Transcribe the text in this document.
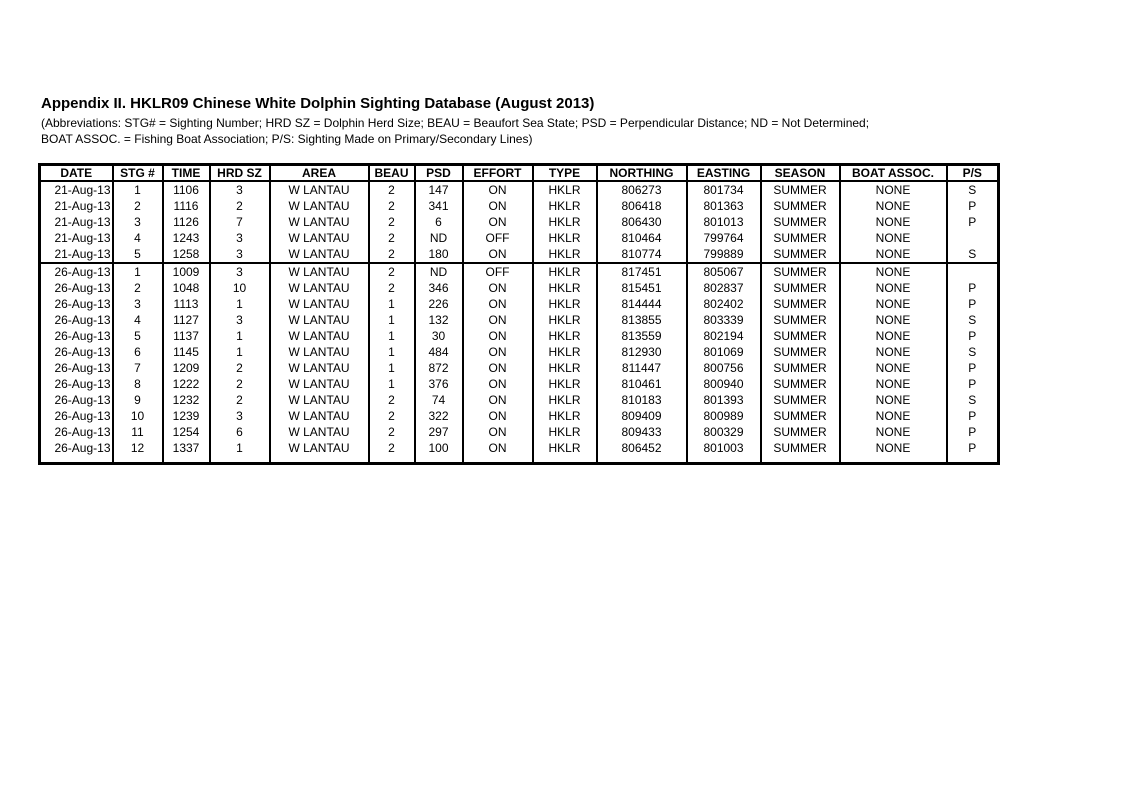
Appendix II. HKLR09 Chinese White Dolphin Sighting Database (August 2013)
(Abbreviations: STG# = Sighting Number; HRD SZ = Dolphin Herd Size; BEAU = Beaufort Sea State; PSD = Perpendicular Distance; ND = Not Determined;
BOAT ASSOC. = Fishing Boat Association; P/S: Sighting Made on Primary/Secondary Lines)
DATE	STG #	TIME	HRD SZ	AREA	BEAU	PSD	EFFORT	TYPE	NORTHING	EASTING	SEASON	BOAT ASSOC.	P/S
21-Aug-13	1	1106	3	W LANTAU	2	147	ON	HKLR	806273	801734	SUMMER	NONE	S
21-Aug-13	2	1116	2	W LANTAU	2	341	ON	HKLR	806418	801363	SUMMER	NONE	P
21-Aug-13	3	1126	7	W LANTAU	2	6	ON	HKLR	806430	801013	SUMMER	NONE	P
21-Aug-13	4	1243	3	W LANTAU	2	ND	OFF	HKLR	810464	799764	SUMMER	NONE	
21-Aug-13	5	1258	3	W LANTAU	2	180	ON	HKLR	810774	799889	SUMMER	NONE	S
26-Aug-13	1	1009	3	W LANTAU	2	ND	OFF	HKLR	817451	805067	SUMMER	NONE	
26-Aug-13	2	1048	10	W LANTAU	2	346	ON	HKLR	815451	802837	SUMMER	NONE	P
26-Aug-13	3	1113	1	W LANTAU	1	226	ON	HKLR	814444	802402	SUMMER	NONE	P
26-Aug-13	4	1127	3	W LANTAU	1	132	ON	HKLR	813855	803339	SUMMER	NONE	S
26-Aug-13	5	1137	1	W LANTAU	1	30	ON	HKLR	813559	802194	SUMMER	NONE	P
26-Aug-13	6	1145	1	W LANTAU	1	484	ON	HKLR	812930	801069	SUMMER	NONE	S
26-Aug-13	7	1209	2	W LANTAU	1	872	ON	HKLR	811447	800756	SUMMER	NONE	P
26-Aug-13	8	1222	2	W LANTAU	1	376	ON	HKLR	810461	800940	SUMMER	NONE	P
26-Aug-13	9	1232	2	W LANTAU	2	74	ON	HKLR	810183	801393	SUMMER	NONE	S
26-Aug-13	10	1239	3	W LANTAU	2	322	ON	HKLR	809409	800989	SUMMER	NONE	P
26-Aug-13	11	1254	6	W LANTAU	2	297	ON	HKLR	809433	800329	SUMMER	NONE	P
26-Aug-13	12	1337	1	W LANTAU	2	100	ON	HKLR	806452	801003	SUMMER	NONE	P
